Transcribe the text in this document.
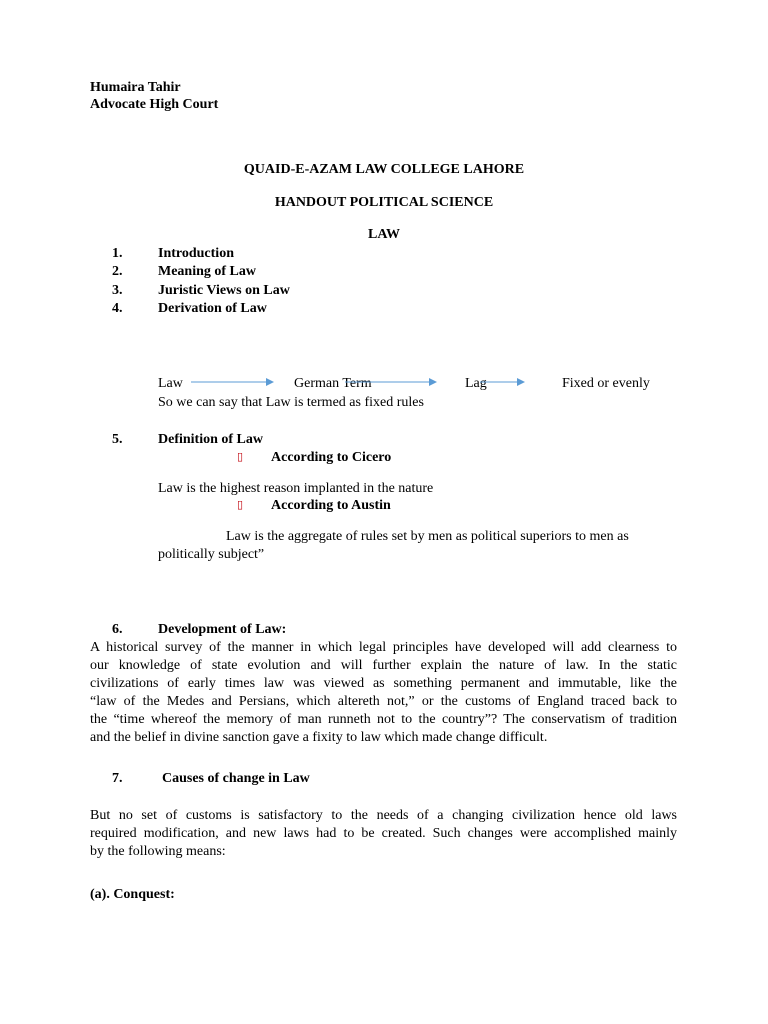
Humaira Tahir
Advocate High Court
QUAID-E-AZAM LAW COLLEGE LAHORE
HANDOUT POLITICAL SCIENCE
LAW
1.	Introduction
2.	Meaning of Law
3.	Juristic Views on Law
4.	Derivation of Law
Law	German Term	Lag	Fixed or evenly
So we can say that Law is termed as fixed rules
5.	Definition of Law
▯ According to Cicero
Law is the highest reason implanted in the nature
▯ According to Austin
Law is the aggregate of rules set by men as political superiors to men as
politically subject”
6.	Development of Law:
A historical survey of the manner in which legal principles have developed will add clearness to
our knowledge of state evolution and will further explain the nature of law. In the static
civilizations of early times law was viewed as something permanent and immutable, like the
“law of the Medes and Persians, which altereth not,” or the customs of England traced back to
the “time whereof the memory of man runneth not to the country”? The conservatism of tradition
and the belief in divine sanction gave a fixity to law which made change difficult.
7.	Causes of change in Law
But no set of customs is satisfactory to the needs of a changing civilization hence old laws
required modification, and new laws had to be created. Such changes were accomplished mainly
by the following means:
(a). Conquest:
